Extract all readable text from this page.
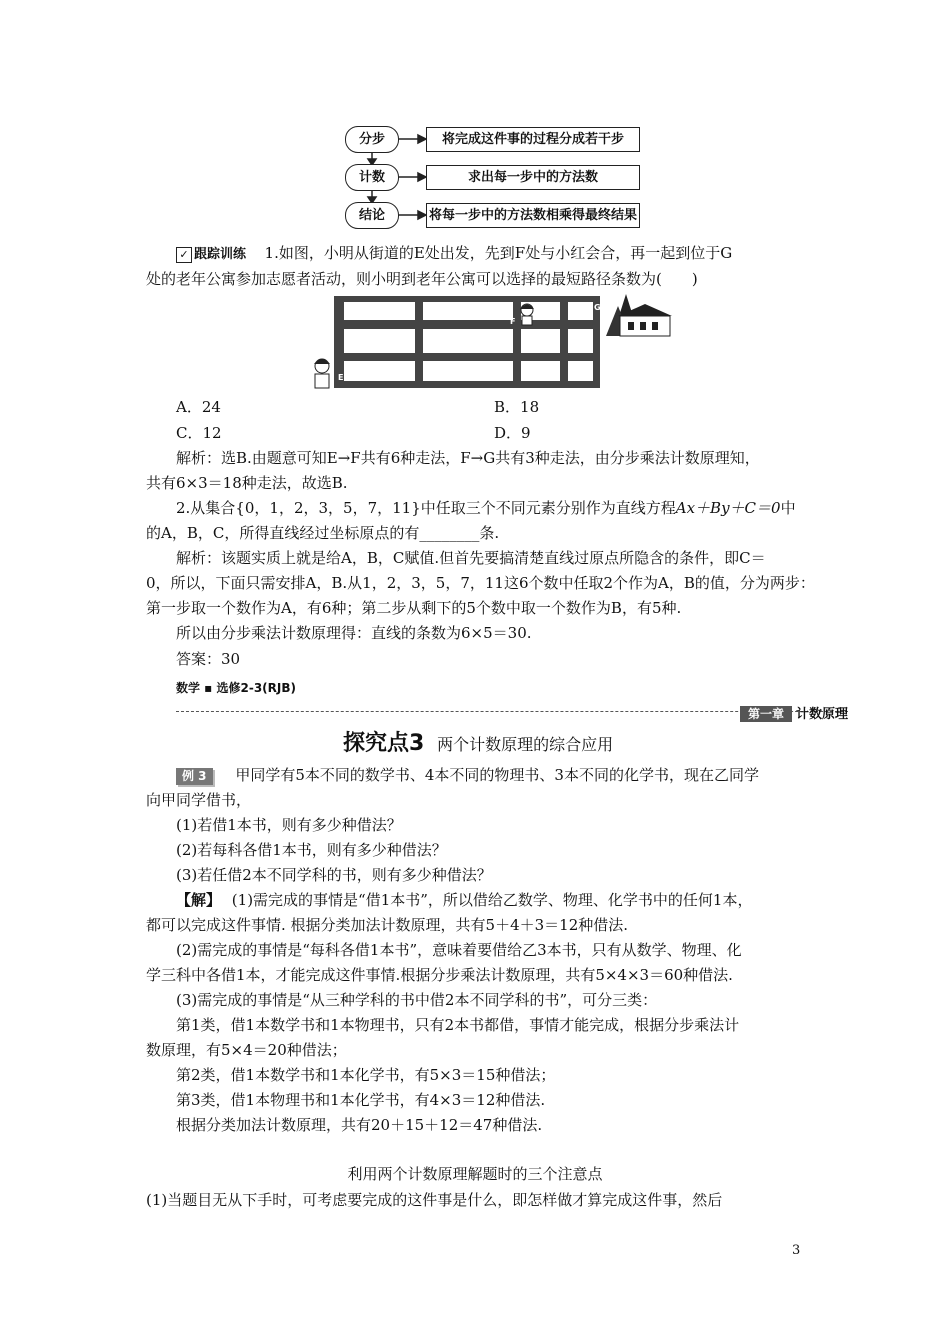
分步	将完成这件事的过程分成若干步
计数	求出每一步中的方法数
结论	将每一步中的方法数相乘得最终结果
✓ 跟踪训练 1.如图，小明从街道的E处出发，先到F处与小红会合，再一起到位于G
处的老年公寓参加志愿者活动，则小明到老年公寓可以选择的最短路径条数为(　　)
E
F
G
A．24	B．18
C．12	D．9
解析：选B.由题意可知E→F共有6种走法，F→G共有3种走法，由分步乘法计数原理知，
共有6×3＝18种走法，故选B.
2.从集合{0，1，2，3，5，7，11}中任取三个不同元素分别作为直线方程Ax＋By＋C＝0中
的A，B，C，所得直线经过坐标原点的有________条.
解析：该题实质上就是给A，B，C赋值.但首先要搞清楚直线过原点所隐含的条件，即C＝
0，所以，下面只需安排A，B.从1，2，3，5，7，11这6个数中任取2个作为A，B的值，分为两步：
第一步取一个数作为A，有6种；第二步从剩下的5个数中取一个数作为B，有5种.
所以由分步乘法计数原理得：直线的条数为6×5＝30.
答案：30
数学 ▪ 选修2-3(RJB)
第一章 计数原理
探究点3 两个计数原理的综合应用
例 3 甲同学有5本不同的数学书、4本不同的物理书、3本不同的化学书，现在乙同学
向甲同学借书，
(1)若借1本书，则有多少种借法？
(2)若每科各借1本书，则有多少种借法？
(3)若任借2本不同学科的书，则有多少种借法？
【解】 (1)需完成的事情是“借1本书”，所以借给乙数学、物理、化学书中的任何1本，
都可以完成这件事情. 根据分类加法计数原理，共有5＋4＋3＝12种借法.
(2)需完成的事情是“每科各借1本书”，意味着要借给乙3本书，只有从数学、物理、化
学三科中各借1本，才能完成这件事情.根据分步乘法计数原理，共有5×4×3＝60种借法.
(3)需完成的事情是“从三种学科的书中借2本不同学科的书”，可分三类：
第1类，借1本数学书和1本物理书，只有2本书都借，事情才能完成，根据分步乘法计
数原理，有5×4＝20种借法；
第2类，借1本数学书和1本化学书，有5×3＝15种借法；
第3类，借1本物理书和1本化学书，有4×3＝12种借法.
根据分类加法计数原理，共有20＋15＋12＝47种借法.
利用两个计数原理解题时的三个注意点
(1)当题目无从下手时，可考虑要完成的这件事是什么，即怎样做才算完成这件事，然后
3
